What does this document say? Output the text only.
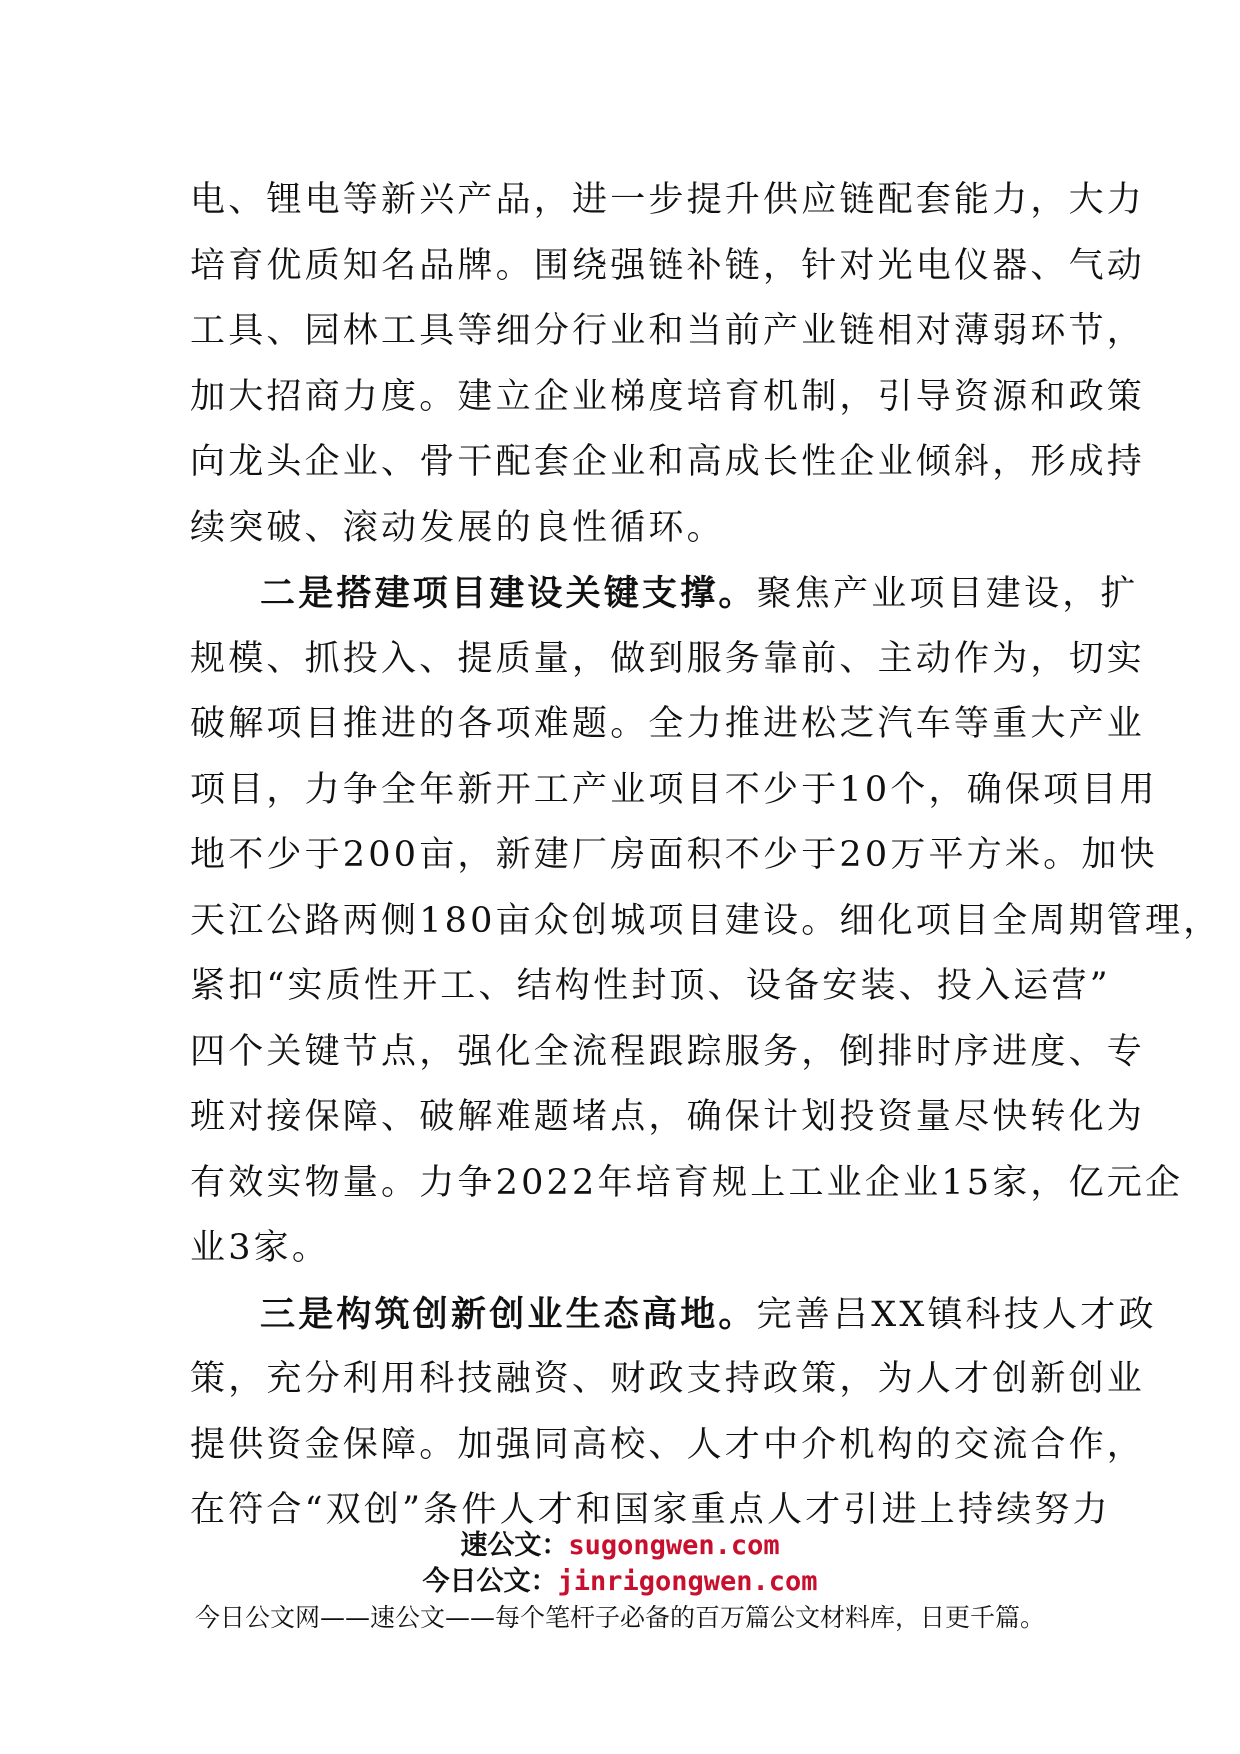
电、锂电等新兴产品，进一步提升供应链配套能力，大力
培育优质知名品牌。围绕强链补链，针对光电仪器、气动
工具、园林工具等细分行业和当前产业链相对薄弱环节，
加大招商力度。建立企业梯度培育机制，引导资源和政策
向龙头企业、骨干配套企业和高成长性企业倾斜，形成持
续突破、滚动发展的良性循环。
二是搭建项目建设关键支撑。聚焦产业项目建设，扩
规模、抓投入、提质量，做到服务靠前、主动作为，切实
破解项目推进的各项难题。全力推进松芝汽车等重大产业
项目，力争全年新开工产业项目不少于10个，确保项目用
地不少于200亩，新建厂房面积不少于20万平方米。加快
天江公路两侧180亩众创城项目建设。细化项目全周期管理，
紧扣“实质性开工、结构性封顶、设备安装、投入运营”
四个关键节点，强化全流程跟踪服务，倒排时序进度、专
班对接保障、破解难题堵点，确保计划投资量尽快转化为
有效实物量。力争2022年培育规上工业企业15家，亿元企
业3家。
三是构筑创新创业生态高地。完善吕XX镇科技人才政
策，充分利用科技融资、财政支持政策，为人才创新创业
提供资金保障。加强同高校、人才中介机构的交流合作，
在符合“双创”条件人才和国家重点人才引进上持续努力
速公文：sugongwen.com
今日公文：jinrigongwen.com
今日公文网——速公文——每个笔杆子必备的百万篇公文材料库，日更千篇。
